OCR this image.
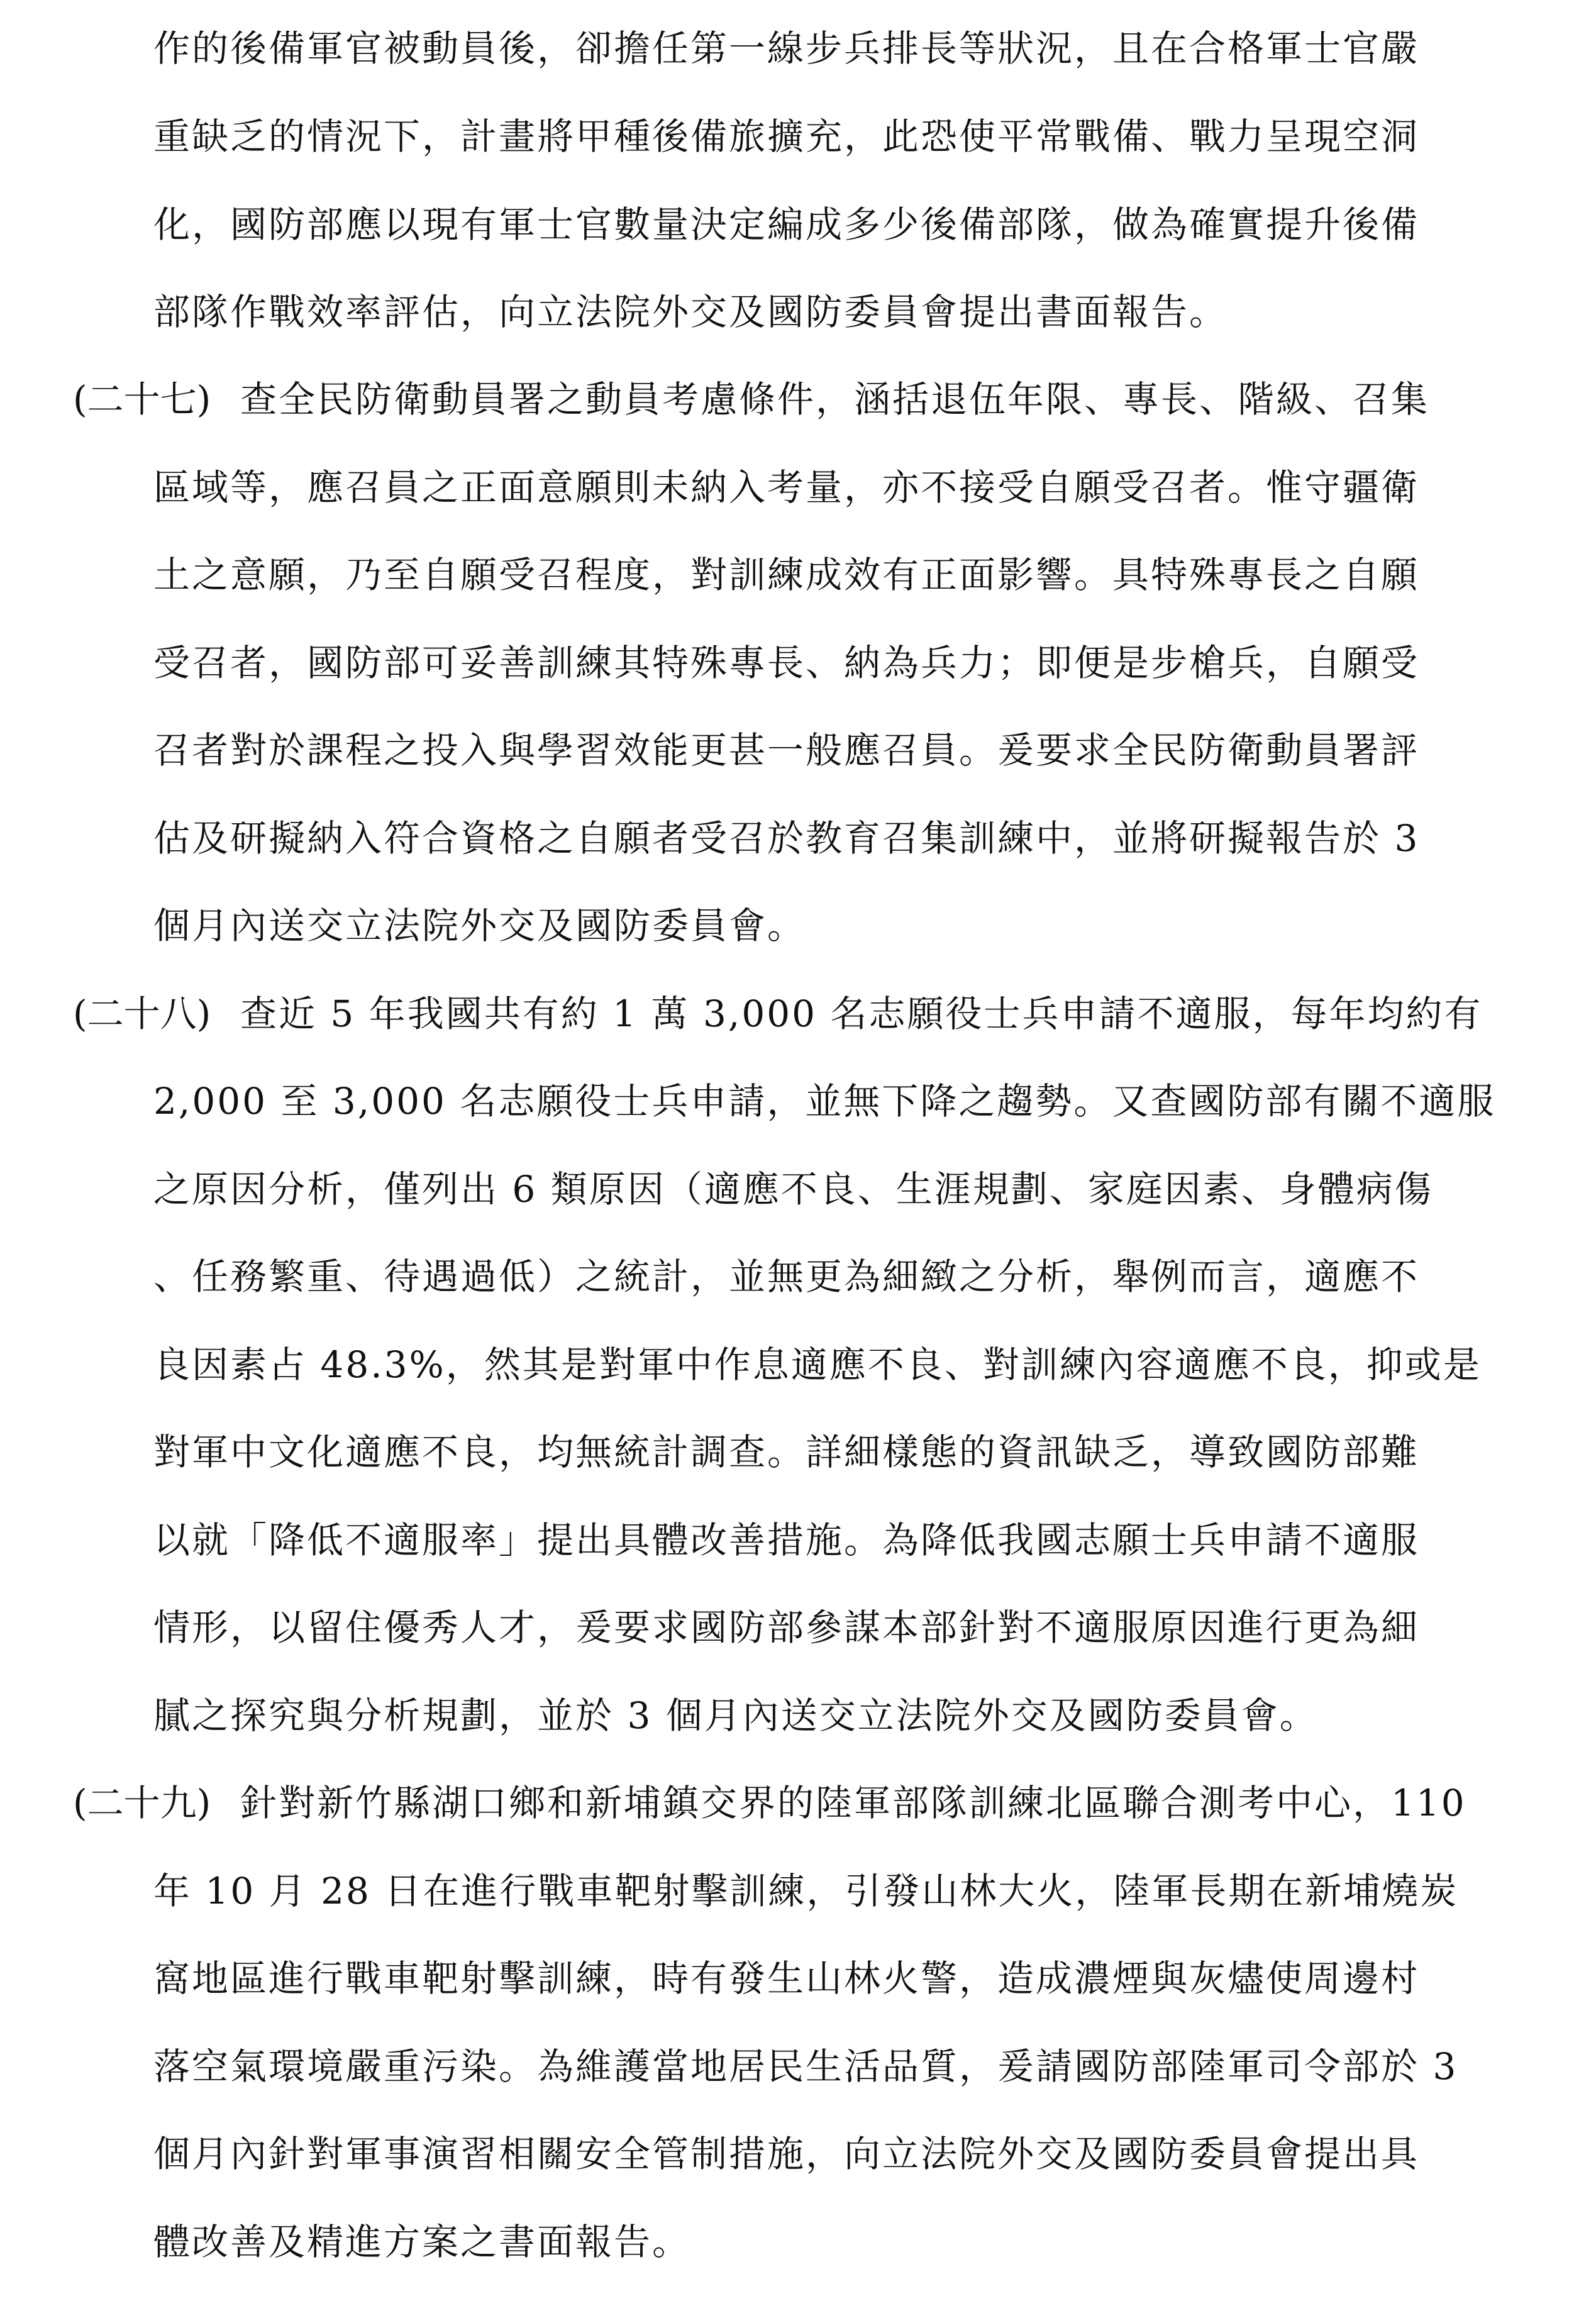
作的後備軍官被動員後，卻擔任第一線步兵排長等狀況，且在合格軍士官嚴
重缺乏的情況下，計畫將甲種後備旅擴充，此恐使平常戰備、戰力呈現空洞
化，國防部應以現有軍士官數量決定編成多少後備部隊，做為確實提升後備
部隊作戰效率評估，向立法院外交及國防委員會提出書面報告。
(二十七) 查全民防衛動員署之動員考慮條件，涵括退伍年限、專長、階級、召集
區域等，應召員之正面意願則未納入考量，亦不接受自願受召者。惟守疆衛
土之意願，乃至自願受召程度，對訓練成效有正面影響。具特殊專長之自願
受召者，國防部可妥善訓練其特殊專長、納為兵力；即便是步槍兵，自願受
召者對於課程之投入與學習效能更甚一般應召員。爰要求全民防衛動員署評
估及研擬納入符合資格之自願者受召於教育召集訓練中，並將研擬報告於 3
個月內送交立法院外交及國防委員會。
(二十八) 查近 5 年我國共有約 1 萬 3,000 名志願役士兵申請不適服，每年均約有
2,000 至 3,000 名志願役士兵申請，並無下降之趨勢。又查國防部有關不適服
之原因分析，僅列出 6 類原因（適應不良、生涯規劃、家庭因素、身體病傷
、任務繁重、待遇過低）之統計，並無更為細緻之分析，舉例而言，適應不
良因素占 48.3%，然其是對軍中作息適應不良、對訓練內容適應不良，抑或是
對軍中文化適應不良，均無統計調查。詳細樣態的資訊缺乏，導致國防部難
以就「降低不適服率」提出具體改善措施。為降低我國志願士兵申請不適服
情形，以留住優秀人才，爰要求國防部參謀本部針對不適服原因進行更為細
膩之探究與分析規劃，並於 3 個月內送交立法院外交及國防委員會。
(二十九) 針對新竹縣湖口鄉和新埔鎮交界的陸軍部隊訓練北區聯合測考中心，110
年 10 月 28 日在進行戰車靶射擊訓練，引發山林大火，陸軍長期在新埔燒炭
窩地區進行戰車靶射擊訓練，時有發生山林火警，造成濃煙與灰燼使周邊村
落空氣環境嚴重污染。為維護當地居民生活品質，爰請國防部陸軍司令部於 3
個月內針對軍事演習相關安全管制措施，向立法院外交及國防委員會提出具
體改善及精進方案之書面報告。
